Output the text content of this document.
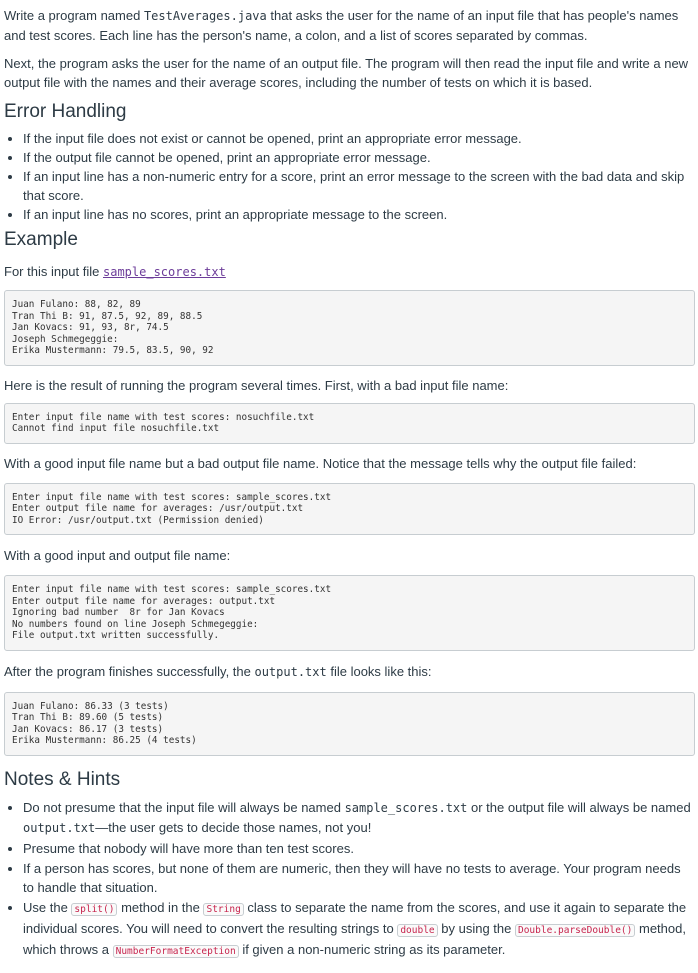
Write a program named TestAverages.java that asks the user for the name of an input file that has people's names and test scores. Each line has the person's name, a colon, and a list of scores separated by commas.

Next, the program asks the user for the name of an output file. The program will then read the input file and write a new output file with the names and their average scores, including the number of tests on which it is based.

Error Handling
• If the input file does not exist or cannot be opened, print an appropriate error message.
• If the output file cannot be opened, print an appropriate error message.
• If an input line has a non-numeric entry for a score, print an error message to the screen with the bad data and skip that score.
• If an input line has no scores, print an appropriate message to the screen.
Example

For this input file sample_scores.txt

Juan Fulano: 88, 82, 89
Tran Thi B: 91, 87.5, 92, 89, 88.5
Jan Kovacs: 91, 93, 8r, 74.5
Joseph Schmegeggie:
Erika Mustermann: 79.5, 83.5, 90, 92

Here is the result of running the program several times. First, with a bad input file name:

Enter input file name with test scores: nosuchfile.txt
Cannot find input file nosuchfile.txt

With a good input file name but a bad output file name. Notice that the message tells why the output file failed:

Enter input file name with test scores: sample_scores.txt
Enter output file name for averages: /usr/output.txt
IO Error: /usr/output.txt (Permission denied)

With a good input and output file name:

Enter input file name with test scores: sample_scores.txt
Enter output file name for averages: output.txt
Ignoring bad number  8r for Jan Kovacs
No numbers found on line Joseph Schmegeggie:
File output.txt written successfully.

After the program finishes successfully, the output.txt file looks like this:

Juan Fulano: 86.33 (3 tests)
Tran Thi B: 89.60 (5 tests)
Jan Kovacs: 86.17 (3 tests)
Erika Mustermann: 86.25 (4 tests)
Notes & Hints
• Do not presume that the input file will always be named sample_scores.txt or the output file will always be named output.txt—the user gets to decide those names, not you!
• Presume that nobody will have more than ten test scores.
• If a person has scores, but none of them are numeric, then they will have no tests to average. Your program needs to handle that situation.
• Use the split() method in the String class to separate the name from the scores, and use it again to separate the individual scores. You will need to convert the resulting strings to double by using the Double.parseDouble() method, which throws a NumberFormatException if given a non-numeric string as its parameter.
